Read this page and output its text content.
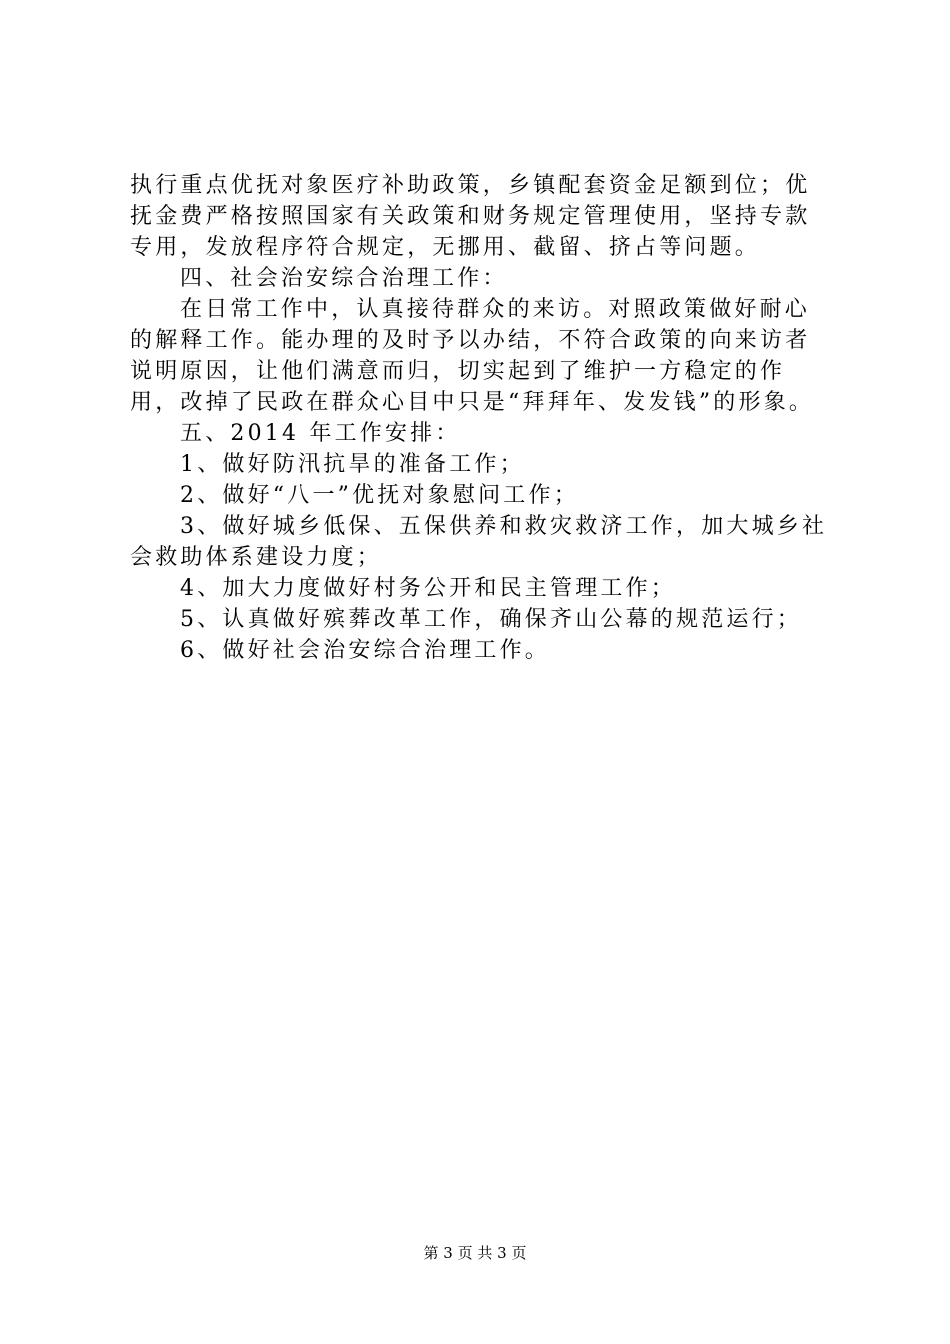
执行重点优抚对象医疗补助政策，乡镇配套资金足额到位；优抚金费严格按照国家有关政策和财务规定管理使用，坚持专款专用，发放程序符合规定，无挪用、截留、挤占等问题。

四、社会治安综合治理工作：

在日常工作中，认真接待群众的来访。对照政策做好耐心的解释工作。能办理的及时予以办结，不符合政策的向来访者说明原因，让他们满意而归，切实起到了维护一方稳定的作用，改掉了民政在群众心目中只是“拜拜年、发发钱”的形象。

五、2014 年工作安排：

1、做好防汛抗旱的准备工作；

2、做好“八一”优抚对象慰问工作；

3、做好城乡低保、五保供养和救灾救济工作，加大城乡社会救助体系建设力度；

4、加大力度做好村务公开和民主管理工作；

5、认真做好殡葬改革工作，确保齐山公幕的规范运行；

6、做好社会治安综合治理工作。

第 3 页 共 3 页
